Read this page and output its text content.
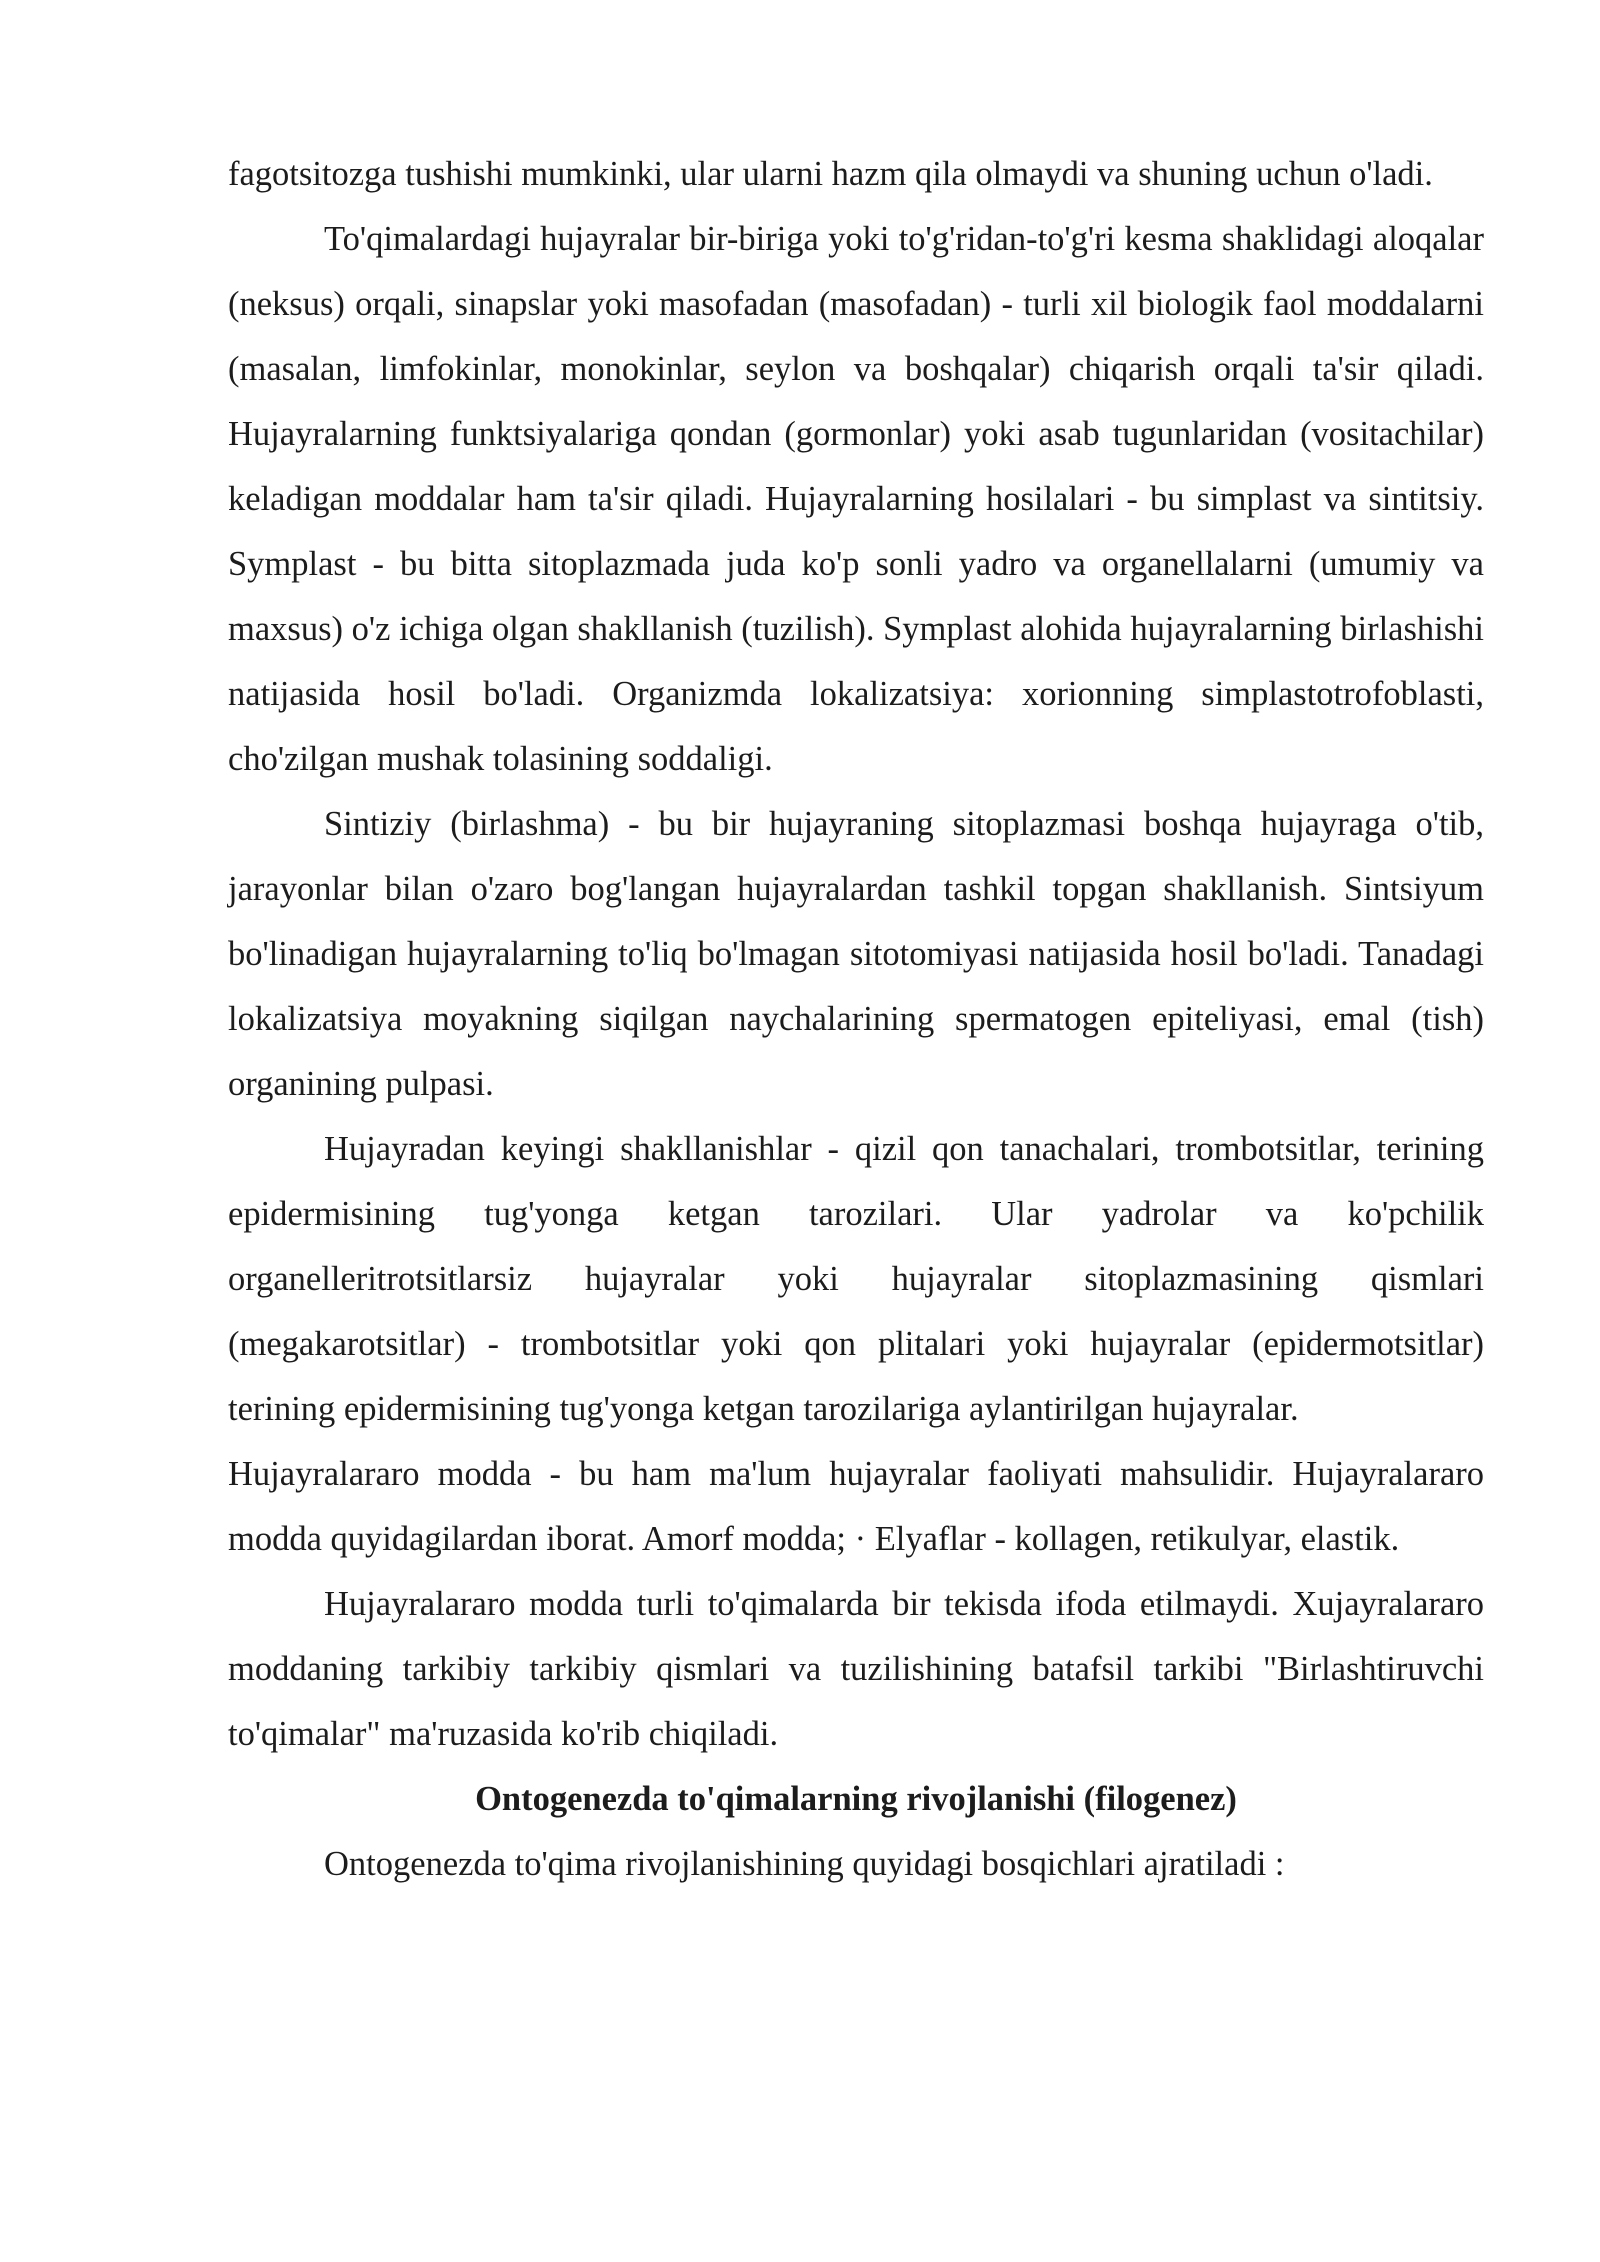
fagotsitozga tushishi mumkinki, ular ularni hazm qila olmaydi va shuning uchun o'ladi.

To'qimalardagi hujayralar bir-biriga yoki to'g'ridan-to'g'ri kesma shaklidagi aloqalar (neksus) orqali, sinapslar yoki masofadan (masofadan) - turli xil biologik faol moddalarni (masalan, limfokinlar, monokinlar, seylon va boshqalar) chiqarish orqali ta'sir qiladi. Hujayralarning funktsiyalariga qondan (gormonlar) yoki asab tugunlaridan (vositachilar) keladigan moddalar ham ta'sir qiladi. Hujayralarning hosilalari - bu simplast va sintitsiy. Symplast - bu bitta sitoplazmada juda ko'p sonli yadro va organellalarni (umumiy va maxsus) o'z ichiga olgan shakllanish (tuzilish). Symplast alohida hujayralarning birlashishi natijasida hosil bo'ladi. Organizmda lokalizatsiya: xorionning simplastotrofoblasti, cho'zilgan mushak tolasining soddaligi.

Sintiziy (birlashma) - bu bir hujayraning sitoplazmasi boshqa hujayraga o'tib, jarayonlar bilan o'zaro bog'langan hujayralardan tashkil topgan shakllanish. Sintsiyum bo'linadigan hujayralarning to'liq bo'lmagan sitotomiyasi natijasida hosil bo'ladi. Tanadagi lokalizatsiya moyakning siqilgan naychalarining spermatogen epiteliyasi, emal (tish) organining pulpasi.

Hujayradan keyingi shakllanishlar - qizil qon tanachalari, trombotsitlar, terining epidermisining tug'yonga ketgan tarozilari. Ular yadrolar va ko'pchilik organelleritrotsitlarsiz hujayralar yoki hujayralar sitoplazmasining qismlari (megakarotsitlar) - trombotsitlar yoki qon plitalari yoki hujayralar (epidermotsitlar) terining epidermisining tug'yonga ketgan tarozilariga aylantirilgan hujayralar.

Hujayralararo modda - bu ham ma'lum hujayralar faoliyati mahsulidir. Hujayralararo modda quyidagilardan iborat. Amorf modda; · Elyaflar - kollagen, retikulyar, elastik.

Hujayralararo modda turli to'qimalarda bir tekisda ifoda etilmaydi. Xujayralararo moddaning tarkibiy tarkibiy qismlari va tuzilishining batafsil tarkibi "Birlashtiruvchi to'qimalar" ma'ruzasida ko'rib chiqiladi.

Ontogenezda to'qimalarning rivojlanishi (filogenez)

Ontogenezda to'qima rivojlanishining quyidagi bosqichlari ajratiladi :
